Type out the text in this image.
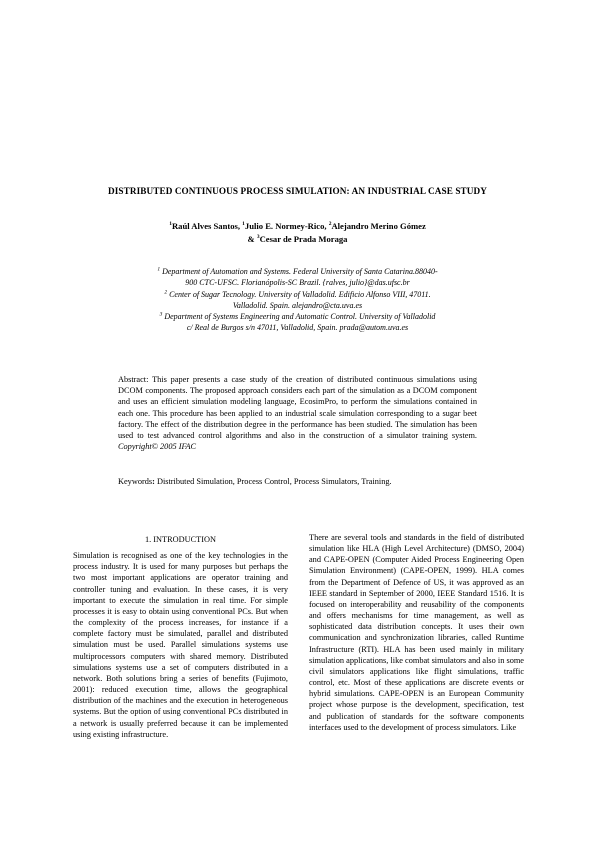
DISTRIBUTED CONTINUOUS PROCESS SIMULATION: AN INDUSTRIAL CASE STUDY
$^1$Raúl Alves Santos, $^1$Julio E. Normey-Rico, $^2$Alejandro Merino Gómez
& $^3$Cesar de Prada Moraga
$^1$ Department of Automation and Systems. Federal University of Santa Catarina.88040-
900 CTC-UFSC. Florianópolis-SC Brazil. {ralves, julio}@das.ufsc.br
$^2$ Center of Sugar Tecnology. University of Valladolid. Edificio Alfonso VIII, 47011.
Valladolid. Spain. alejandro@cta.uva.es
$^3$ Department of Systems Engineering and Automatic Control. University of Valladolid
c/ Real de Burgos s/n 47011, Valladolid, Spain. prada@autom.uva.es
Abstract: This paper presents a case study of the creation of distributed continuous simulations using DCOM components. The proposed approach considers each part of the simulation as a DCOM component and uses an efficient simulation modeling language, EcosimPro, to perform the simulations contained in each one. This procedure has been applied to an industrial scale simulation corresponding to a sugar beet factory. The effect of the distribution degree in the performance has been studied. The simulation has been used to test advanced control algorithms and also in the construction of a simulator training system. Copyright© 2005 IFAC
Keywords: Distributed Simulation, Process Control, Process Simulators, Training.
1. INTRODUCTION

Simulation is recognised as one of the key technologies in the process industry. It is used for many purposes but perhaps the two most important applications are operator training and controller tuning and evaluation. In these cases, it is very important to execute the simulation in real time. For simple processes it is easy to obtain using conventional PCs. But when the complexity of the process increases, for instance if a complete factory must be simulated, parallel and distributed simulation must be used. Parallel simulations systems use multiprocessors computers with shared memory. Distributed simulations systems use a set of computers distributed in a network. Both solutions bring a series of benefits (Fujimoto, 2001): reduced execution time, allows the geographical distribution of the machines and the execution in heterogeneous systems. But the option of using conventional PCs distributed in a network is usually preferred because it can be implemented using existing infrastructure.

There are several tools and standards in the field of distributed simulation like HLA (High Level Architecture) (DMSO, 2004) and CAPE-OPEN (Computer Aided Process Engineering Open Simulation Environment) (CAPE-OPEN, 1999). HLA comes from the Department of Defence of US, it was approved as an IEEE standard in September of 2000, IEEE Standard 1516. It is focused on interoperability and reusability of the components and offers mechanisms for time management, as well as sophisticated data distribution concepts. It uses their own communication and synchronization libraries, called Runtime Infrastructure (RTI). HLA has been used mainly in military simulation applications, like combat simulators and also in some civil simulators applications like flight simulations, traffic control, etc. Most of these applications are discrete events or hybrid simulations. CAPE-OPEN is an European Community project whose purpose is the development, specification, test and publication of standards for the software components interfaces used to the development of process simulators. Like
